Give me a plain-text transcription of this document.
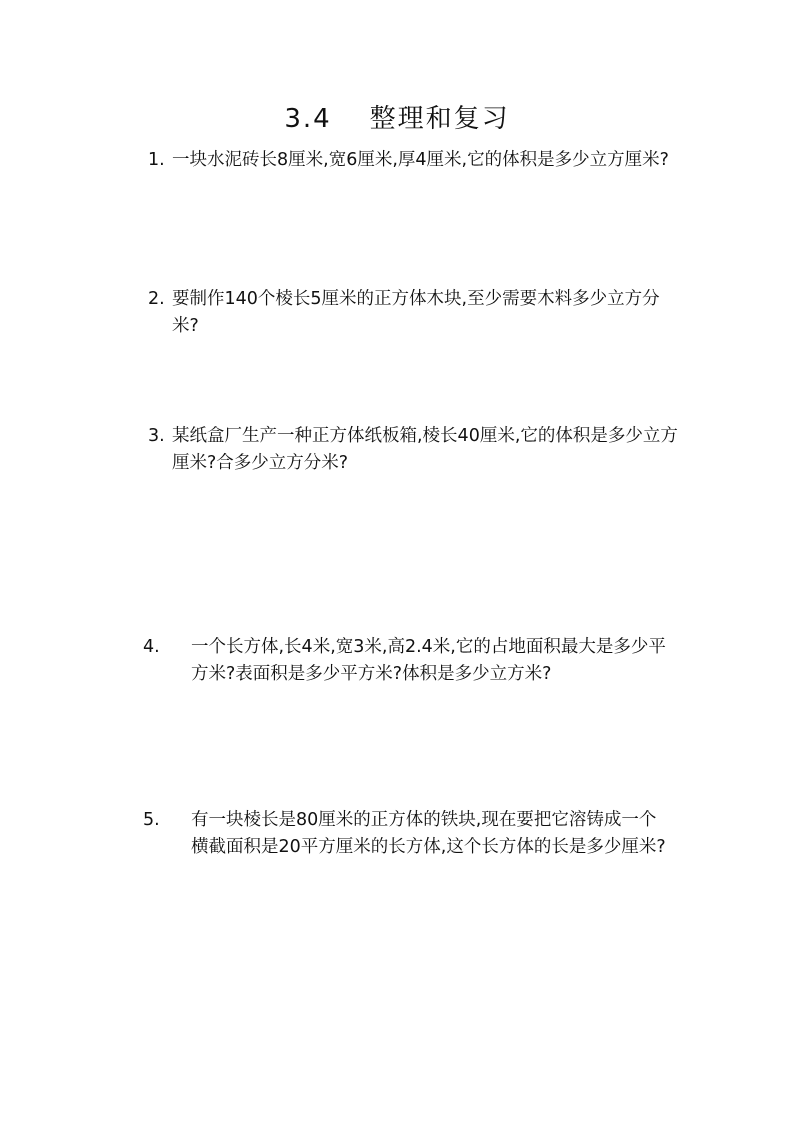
3.4 整理和复习
1. 一块水泥砖长8厘米,宽6厘米,厚4厘米,它的体积是多少立方厘米?
2. 要制作140个棱长5厘米的正方体木块,至少需要木料多少立方分米?
3. 某纸盒厂生产一种正方体纸板箱,棱长40厘米,它的体积是多少立方厘米?合多少立方分米?
4.	一个长方体,长4米,宽3米,高2.4米,它的占地面积最大是多少平方米?表面积是多少平方米?体积是多少立方米?
5.	有一块棱长是80厘米的正方体的铁块,现在要把它溶铸成一个横截面积是20平方厘米的长方体,这个长方体的长是多少厘米?
